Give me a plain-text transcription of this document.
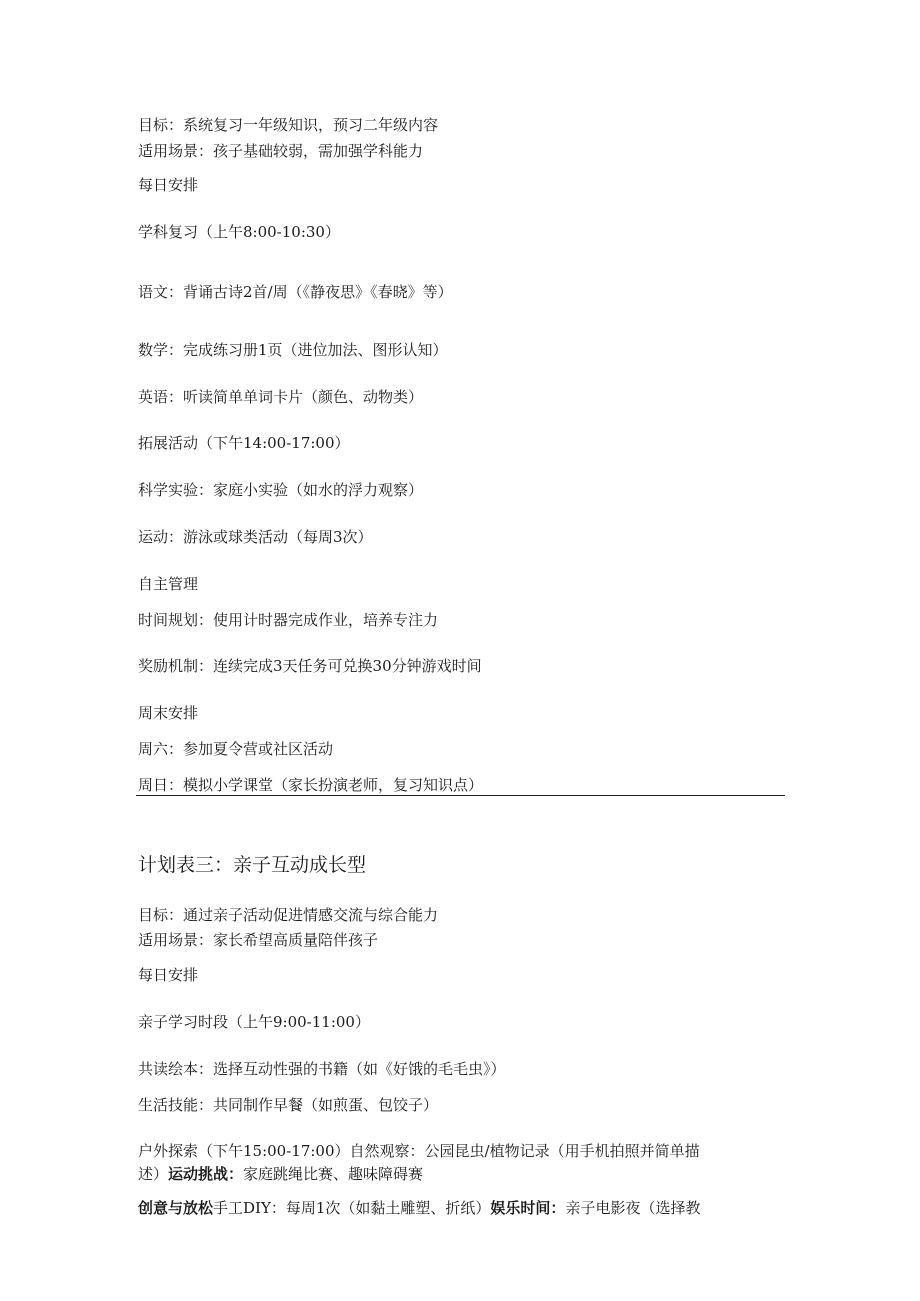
目标：系统复习一年级知识，预习二年级内容

适用场景：孩子基础较弱，需加强学科能力

每日安排

学科复习（上午8:00-10:30）

语文：背诵古诗2首/周（《静夜思》《春晓》等）

数学：完成练习册1页（进位加法、图形认知）

英语：听读简单单词卡片（颜色、动物类）

拓展活动（下午14:00-17:00）

科学实验：家庭小实验（如水的浮力观察）

运动：游泳或球类活动（每周3次）

自主管理

时间规划：使用计时器完成作业，培养专注力

奖励机制：连续完成3天任务可兑换30分钟游戏时间

周末安排

周六：参加夏令营或社区活动

周日：模拟小学课堂（家长扮演老师，复习知识点）

计划表三：亲子互动成长型

目标：通过亲子活动促进情感交流与综合能力

适用场景：家长希望高质量陪伴孩子

每日安排

亲子学习时段（上午9:00-11:00）

共读绘本：选择互动性强的书籍（如《好饿的毛毛虫》）

生活技能：共同制作早餐（如煎蛋、包饺子）

户外探索（下午15:00-17:00）自然观察：公园昆虫/植物记录（用手机拍照并简单描

述）运动挑战：家庭跳绳比赛、趣味障碍赛

创意与放松手工DIY：每周1次（如黏土雕塑、折纸）娱乐时间：亲子电影夜（选择教
